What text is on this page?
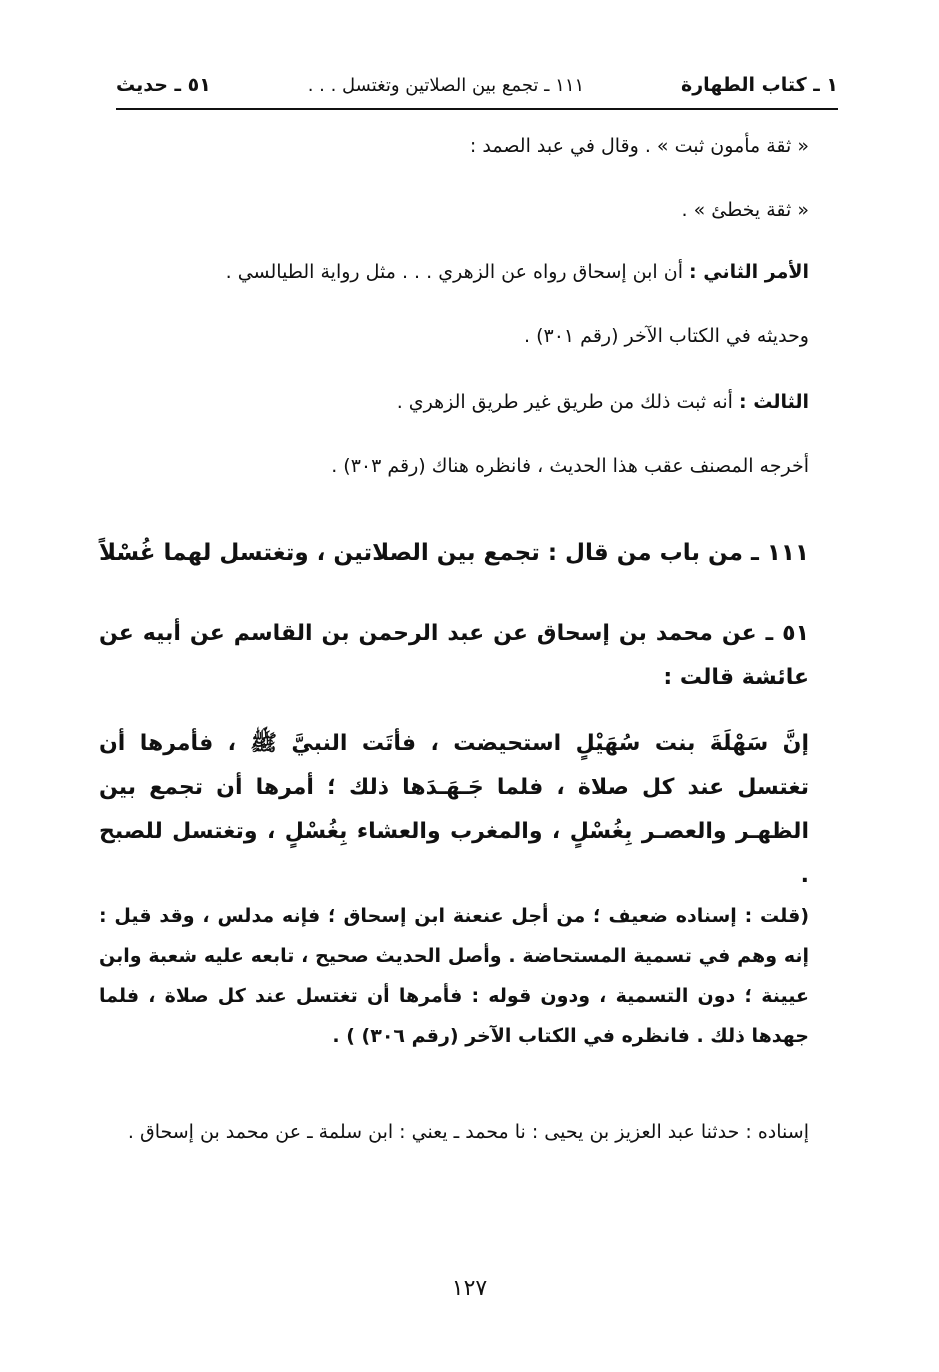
١ ـ كتاب الطهارة
١١١ ـ تجمع بين الصلاتين وتغتسل . . .
٥١ ـ حديث
« ثقة مأمون ثبت » . وقال في عبد الصمد :
« ثقة يخطئ » .
الأمر الثاني : أن ابن إسحاق رواه عن الزهري . . . مثل رواية الطيالسي .
وحديثه في الكتاب الآخر (رقم ٣٠١) .
الثالث : أنه ثبت ذلك من طريق غير طريق الزهري .
أخرجه المصنف عقب هذا الحديث ، فانظره هناك (رقم ٣٠٣) .
١١١ ـ من باب من قال : تجمع بين الصلاتين ، وتغتسل لهما غُسْلاً
٥١ ـ عن محمد بن إسحاق عن عبد الرحمن بن القاسم عن أبيه عن عائشة قالت :
إنَّ سَهْلَةَ بنت سُهَيْلٍ استحيضت ، فأتَت النبيَّ ﷺ ، فأمرها أن تغتسل عند كل صلاة ، فلما جَـهَـدَها ذلك ؛ أمرها أن تجمع بين الظهـر والعصـر بِغُسْلٍ ، والمغرب والعشاء بِغُسْلٍ ، وتغتسل للصبح .
(قلت : إسناده ضعيف ؛ من أجل عنعنة ابن إسحاق ؛ فإنه مدلس ، وقد قيل : إنه وهم في تسمية المستحاضة . وأصل الحديث صحيح ، تابعه عليه شعبة وابن عيينة ؛ دون التسمية ، ودون قوله : فأمرها أن تغتسل عند كل صلاة ، فلما جهدها ذلك . فانظره في الكتاب الآخر (رقم ٣٠٦) ) .
إسناده : حدثنا عبد العزيز بن يحيى : نا محمد ـ يعني : ابن سلمة ـ عن محمد بن إسحاق .
١٢٧
